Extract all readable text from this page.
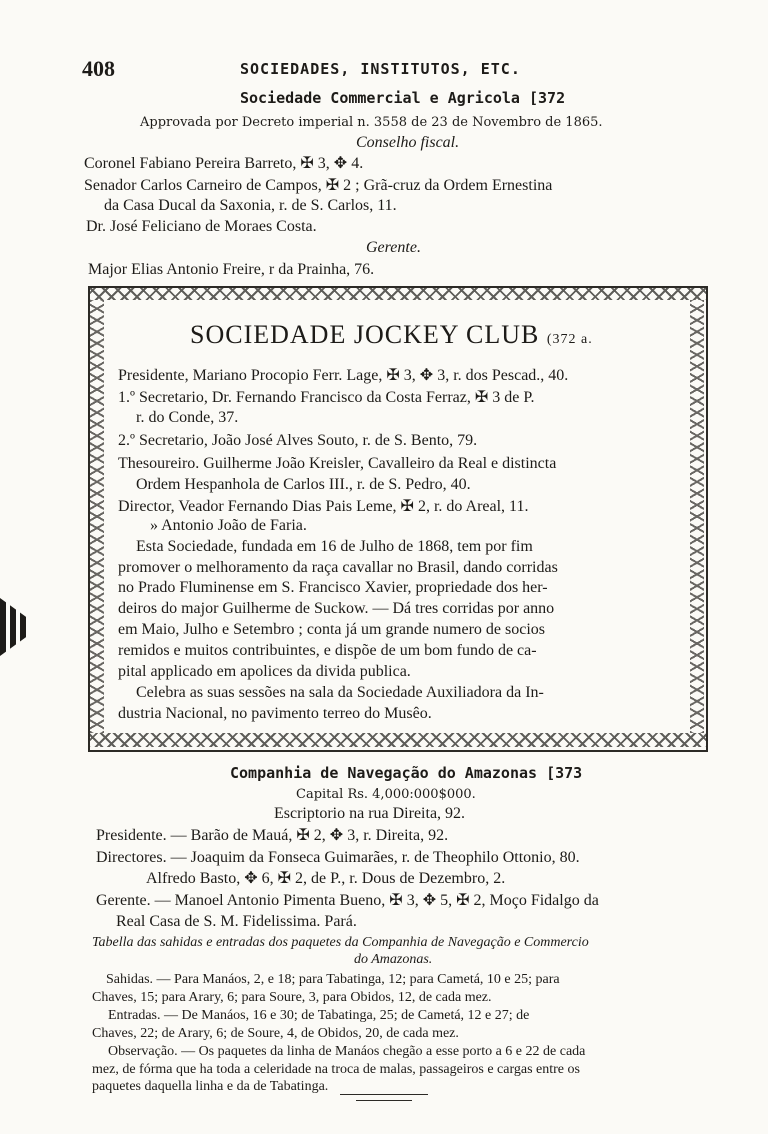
408	SOCIEDADES, INSTITUTOS, ETC.
Sociedade Commercial e Agricola [372
Approvada por Decreto imperial n. 3558 de 23 de Novembro de 1865.
Conselho fiscal.
Coronel Fabiano Pereira Barreto, ✠ 3, ✥ 4.
Senador Carlos Carneiro de Campos, ✠ 2 ; Grã-cruz da Ordem Ernestina
da Casa Ducal da Saxonia, r. de S. Carlos, 11.
Dr. José Feliciano de Moraes Costa.
Gerente.
Major Elias Antonio Freire, r da Prainha, 76.
SOCIEDADE JOCKEY CLUB (372 a.
Presidente, Mariano Procopio Ferr. Lage, ✠ 3, ✥ 3, r. dos Pescad., 40.
1.º Secretario, Dr. Fernando Francisco da Costa Ferraz, ✠ 3 de P.
r. do Conde, 37.
2.º Secretario, João José Alves Souto, r. de S. Bento, 79.
Thesoureiro. Guilherme João Kreisler, Cavalleiro da Real e distincta
Ordem Hespanhola de Carlos III., r. de S. Pedro, 40.
Director, Veador Fernando Dias Pais Leme, ✠ 2, r. do Areal, 11.
» Antonio João de Faria.
Esta Sociedade, fundada em 16 de Julho de 1868, tem por fim
promover o melhoramento da raça cavallar no Brasil, dando corridas
no Prado Fluminense em S. Francisco Xavier, propriedade dos her-
deiros do major Guilherme de Suckow. — Dá tres corridas por anno
em Maio, Julho e Setembro ; conta já um grande numero de socios
remidos e muitos contribuintes, e dispõe de um bom fundo de ca-
pital applicado em apolices da divida publica.
Celebra as suas sessões na sala da Sociedade Auxiliadora da In-
dustria Nacional, no pavimento terreo do Musêo.
Companhia de Navegação do Amazonas [373
Capital Rs. 4,000:000$000.
Escriptorio na rua Direita, 92.
Presidente. — Barão de Mauá, ✠ 2, ✥ 3, r. Direita, 92.
Directores. — Joaquim da Fonseca Guimarães, r. de Theophilo Ottonio, 80.
Alfredo Basto, ✥ 6, ✠ 2, de P., r. Dous de Dezembro, 2.
Gerente. — Manoel Antonio Pimenta Bueno, ✠ 3, ✥ 5, ✠ 2, Moço Fidalgo da
Real Casa de S. M. Fidelissima. Pará.
Tabella das sahidas e entradas dos paquetes da Companhia de Navegação e Commercio
do Amazonas.
Sahidas. — Para Manáos, 2, e 18; para Tabatinga, 12; para Cametá, 10 e 25; para
Chaves, 15; para Arary, 6; para Soure, 3, para Obidos, 12, de cada mez.
Entradas. — De Manáos, 16 e 30; de Tabatinga, 25; de Cametá, 12 e 27; de
Chaves, 22; de Arary, 6; de Soure, 4, de Obidos, 20, de cada mez.
Observação. — Os paquetes da linha de Manáos chegão a esse porto a 6 e 22 de cada
mez, de fórma que ha toda a celeridade na troca de malas, passageiros e cargas entre os
paquetes daquella linha e da de Tabatinga.
